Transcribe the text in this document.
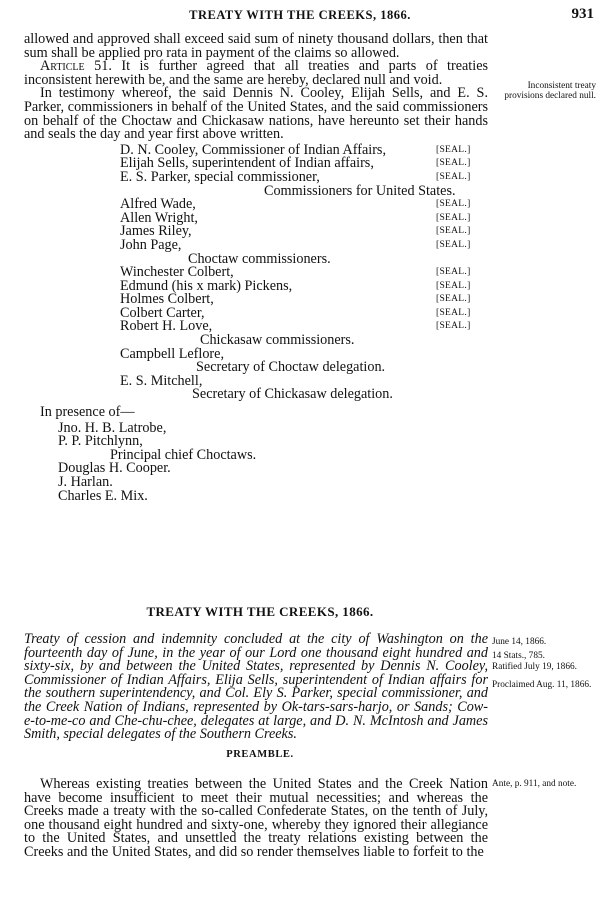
TREATY WITH THE CREEKS, 1866.	931

allowed and approved shall exceed said sum of ninety thousand dollars, then that sum shall be applied pro rata in payment of the claims so allowed.

Article 51. It is further agreed that all treaties and parts of treaties inconsistent herewith be, and the same are hereby, declared null and void.

In testimony whereof, the said Dennis N. Cooley, Elijah Sells, and E. S. Parker, commissioners in behalf of the United States, and the said commissioners on behalf of the Choctaw and Chickasaw nations, have hereunto set their hands and seals the day and year first above written.

D. N. Cooley, Commissioner of Indian Affairs,	[SEAL.]
Elijah Sells, superintendent of Indian affairs,	[SEAL.]
E. S. Parker, special commissioner,	[SEAL.]
Commissioners for United States.
Alfred Wade,	[SEAL.]
Allen Wright,	[SEAL.]
James Riley,	[SEAL.]
John Page,	[SEAL.]
Choctaw commissioners.
Winchester Colbert,	[SEAL.]
Edmund (his x mark) Pickens,	[SEAL.]
Holmes Colbert,	[SEAL.]
Colbert Carter,	[SEAL.]
Robert H. Love,	[SEAL.]
Chickasaw commissioners.
Campbell Leflore,
Secretary of Choctaw delegation.
E. S. Mitchell,
Secretary of Chickasaw delegation.
In presence of—
Jno. H. B. Latrobe,
P. P. Pitchlynn,
Principal chief Choctaws.
Douglas H. Cooper.
J. Harlan.
Charles E. Mix.
Inconsistent treaty provisions declared null.
TREATY WITH THE CREEKS, 1866.
Treaty of cession and indemnity concluded at the city of Washington on the fourteenth day of June, in the year of our Lord one thousand eight hundred and sixty-six, by and between the United States, represented by Dennis N. Cooley, Commissioner of Indian Affairs, Elija Sells, superintendent of Indian affairs for the southern superintendency, and Col. Ely S. Parker, special commissioner, and the Creek Nation of Indians, represented by Ok-tars-sars-harjo, or Sands; Cow-e-to-me-co and Che-chu-chee, delegates at large, and D. N. McIntosh and James Smith, special delegates of the Southern Creeks.
June 14, 1866.
14 Stats., 785.
Ratified July 19, 1866.
Proclaimed Aug. 11, 1866.
PREAMBLE.

Whereas existing treaties between the United States and the Creek Nation have become insufficient to meet their mutual necessities; and whereas the Creeks made a treaty with the so-called Confederate States, on the tenth of July, one thousand eight hundred and sixty-one, whereby they ignored their allegiance to the United States, and unsettled the treaty relations existing between the Creeks and the United States, and did so render themselves liable to forfeit to the

Ante, p. 911, and note.
